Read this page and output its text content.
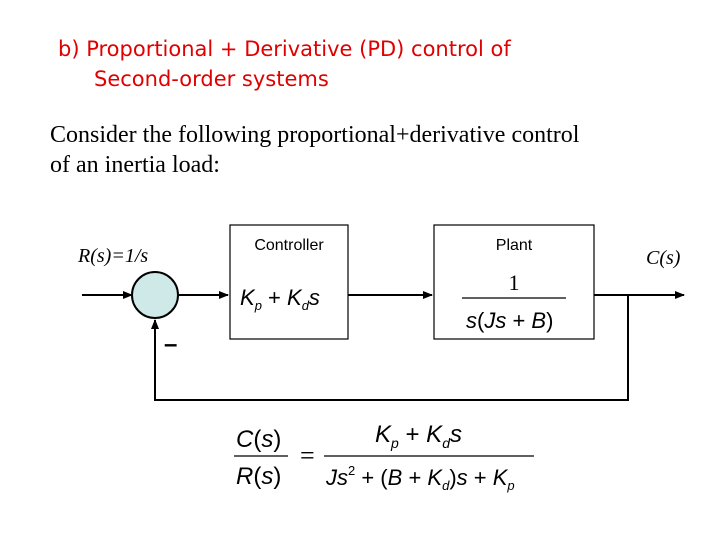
b) Proportional + Derivative (PD) control of
Second-order systems
Consider the following proportional+derivative control
of an inertia load:
R(s)=1/s
–
Controller
$K_p + K_ds$
Plant
1
s(Js + B)
C(s)
C(s)
R(s)
=
$K_p + K_ds$
$Js^2 + (B + K_d)s + K_p$
